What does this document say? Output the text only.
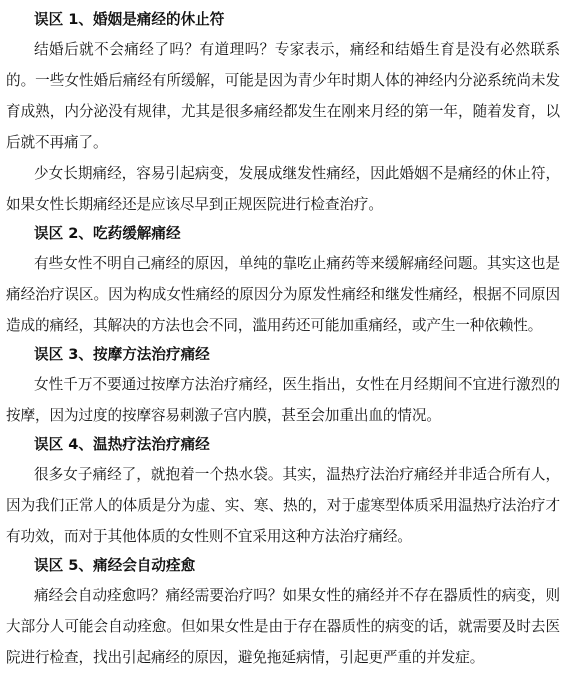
误区 1、婚姻是痛经的休止符

结婚后就不会痛经了吗？有道理吗？专家表示，痛经和结婚生育是没有必然联系的。一些女性婚后痛经有所缓解，可能是因为青少年时期人体的神经内分泌系统尚未发育成熟，内分泌没有规律，尤其是很多痛经都发生在刚来月经的第一年，随着发育，以后就不再痛了。

少女长期痛经，容易引起病变，发展成继发性痛经，因此婚姻不是痛经的休止符，如果女性长期痛经还是应该尽早到正规医院进行检查治疗。

误区 2、吃药缓解痛经

有些女性不明自己痛经的原因，单纯的靠吃止痛药等来缓解痛经问题。其实这也是痛经治疗误区。因为构成女性痛经的原因分为原发性痛经和继发性痛经，根据不同原因造成的痛经，其解决的方法也会不同，滥用药还可能加重痛经，或产生一种依赖性。

误区 3、按摩方法治疗痛经

女性千万不要通过按摩方法治疗痛经，医生指出，女性在月经期间不宜进行激烈的按摩，因为过度的按摩容易刺激子宫内膜，甚至会加重出血的情况。

误区 4、温热疗法治疗痛经

很多女子痛经了，就抱着一个热水袋。其实，温热疗法治疗痛经并非适合所有人，因为我们正常人的体质是分为虚、实、寒、热的，对于虚寒型体质采用温热疗法治疗才有功效，而对于其他体质的女性则不宜采用这种方法治疗痛经。

误区 5、痛经会自动痊愈

痛经会自动痊愈吗？痛经需要治疗吗？如果女性的痛经并不存在器质性的病变，则大部分人可能会自动痊愈。但如果女性是由于存在器质性的病变的话，就需要及时去医院进行检查，找出引起痛经的原因，避免拖延病情，引起更严重的并发症。
